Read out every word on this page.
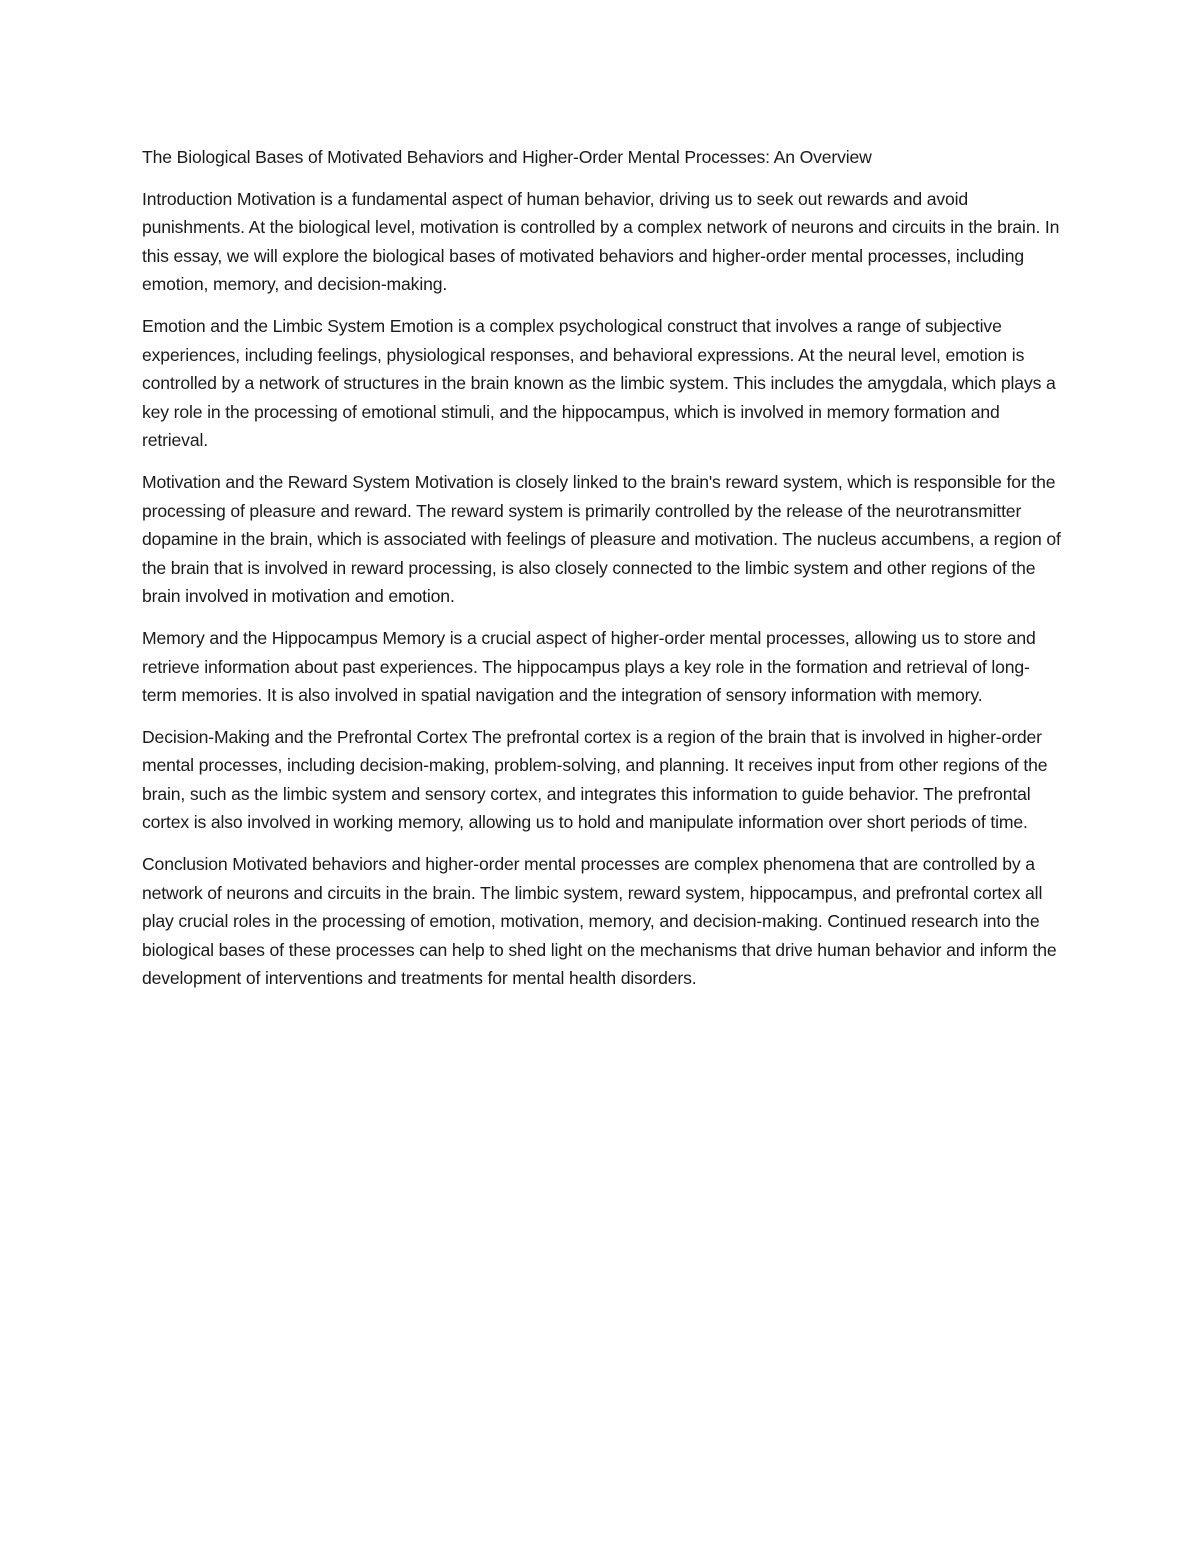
The Biological Bases of Motivated Behaviors and Higher-Order Mental Processes: An Overview

Introduction Motivation is a fundamental aspect of human behavior, driving us to seek out rewards and avoid punishments. At the biological level, motivation is controlled by a complex network of neurons and circuits in the brain. In this essay, we will explore the biological bases of motivated behaviors and higher-order mental processes, including emotion, memory, and decision-making.

Emotion and the Limbic System Emotion is a complex psychological construct that involves a range of subjective experiences, including feelings, physiological responses, and behavioral expressions. At the neural level, emotion is controlled by a network of structures in the brain known as the limbic system. This includes the amygdala, which plays a key role in the processing of emotional stimuli, and the hippocampus, which is involved in memory formation and retrieval.

Motivation and the Reward System Motivation is closely linked to the brain's reward system, which is responsible for the processing of pleasure and reward. The reward system is primarily controlled by the release of the neurotransmitter dopamine in the brain, which is associated with feelings of pleasure and motivation. The nucleus accumbens, a region of the brain that is involved in reward processing, is also closely connected to the limbic system and other regions of the brain involved in motivation and emotion.

Memory and the Hippocampus Memory is a crucial aspect of higher-order mental processes, allowing us to store and retrieve information about past experiences. The hippocampus plays a key role in the formation and retrieval of long-term memories. It is also involved in spatial navigation and the integration of sensory information with memory.

Decision-Making and the Prefrontal Cortex The prefrontal cortex is a region of the brain that is involved in higher-order mental processes, including decision-making, problem-solving, and planning. It receives input from other regions of the brain, such as the limbic system and sensory cortex, and integrates this information to guide behavior. The prefrontal cortex is also involved in working memory, allowing us to hold and manipulate information over short periods of time.

Conclusion Motivated behaviors and higher-order mental processes are complex phenomena that are controlled by a network of neurons and circuits in the brain. The limbic system, reward system, hippocampus, and prefrontal cortex all play crucial roles in the processing of emotion, motivation, memory, and decision-making. Continued research into the biological bases of these processes can help to shed light on the mechanisms that drive human behavior and inform the development of interventions and treatments for mental health disorders.
